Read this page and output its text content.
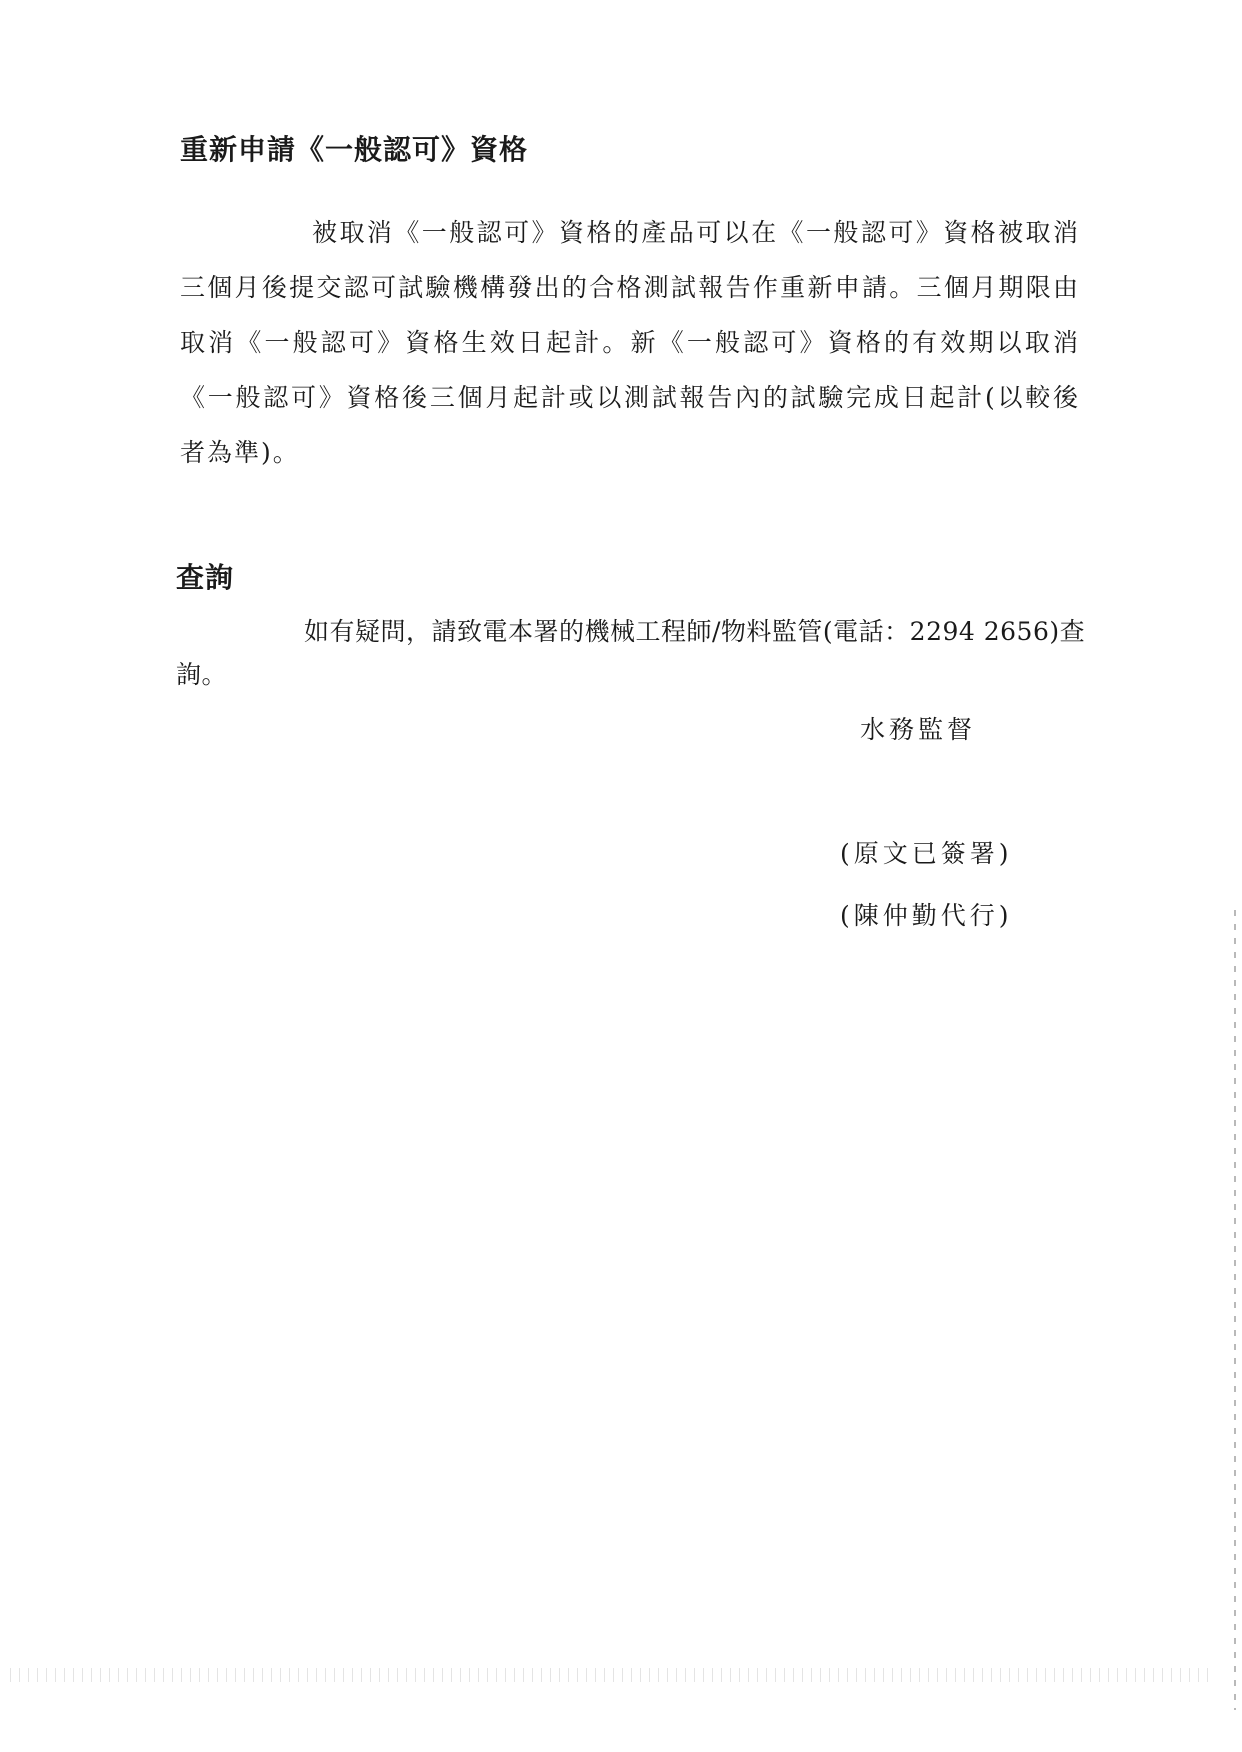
重新申請《一般認可》資格

被取消《一般認可》資格的產品可以在《一般認可》資格被取消三個月後提交認可試驗機構發出的合格測試報告作重新申請。三個月期限由取消《一般認可》資格生效日起計。新《一般認可》資格的有效期以取消《一般認可》資格後三個月起計或以測試報告內的試驗完成日起計(以較後者為準)。

查詢

如有疑問，請致電本署的機械工程師/物料監管(電話：2294 2656)查詢。

水務監督

(原文已簽署)

(陳仲勤代行)
